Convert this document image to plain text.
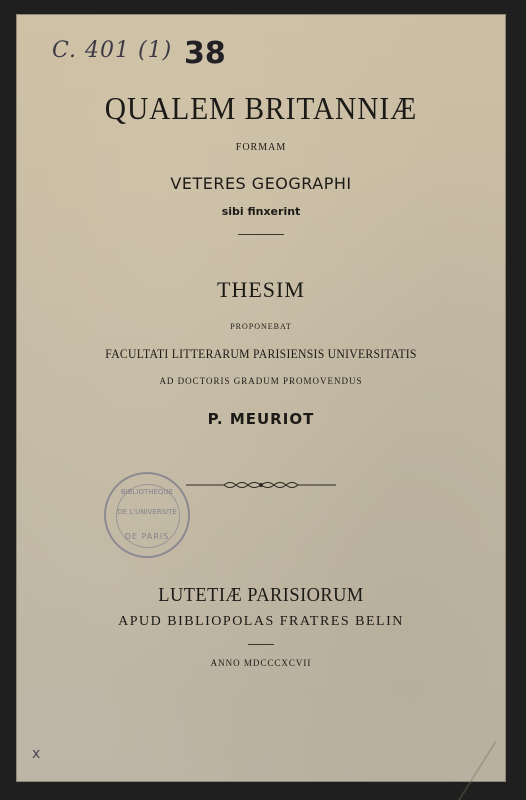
C. 401 (1) 38
QUALEM BRITANNIÆ
FORMAM
VETERES GEOGRAPHI
sibi finxerint
THESIM
PROPONEBAT
FACULTATI LITTERARUM PARISIENSIS UNIVERSITATIS
AD DOCTORIS GRADUM PROMOVENDUS
P. MEURIOT
BIBLIOTHÈQUE
DE L'UNIVERSITÉ
DE PARIS
LUTETIÆ PARISIORUM
APUD BIBLIOPOLAS FRATRES BELIN
ANNO MDCCCXCVII
x
